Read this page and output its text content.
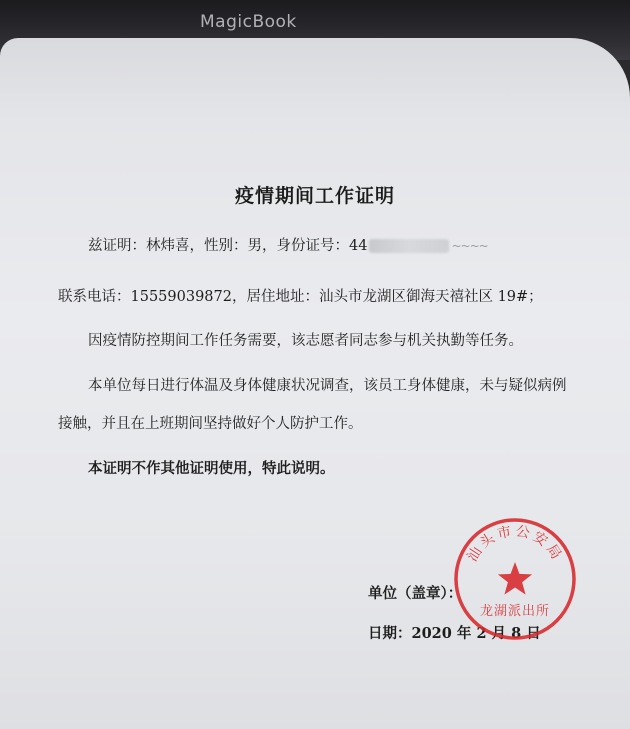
MagicBook
疫情期间工作证明
兹证明：林炜喜，性别：男，身份证号：44	~~~~
联系电话：15559039872，居住地址：汕头市龙湖区御海天禧社区 19#；
因疫情防控期间工作任务需要，该志愿者同志参与机关执勤等任务。
本单位每日进行体温及身体健康状况调查，该员工身体健康，未与疑似病例
接触，并且在上班期间坚持做好个人防护工作。
本证明不作其他证明使用，特此说明。
单位（盖章）：
日期：2020 年 2 月 8 日
汕头市公安局
龙湖派出所
